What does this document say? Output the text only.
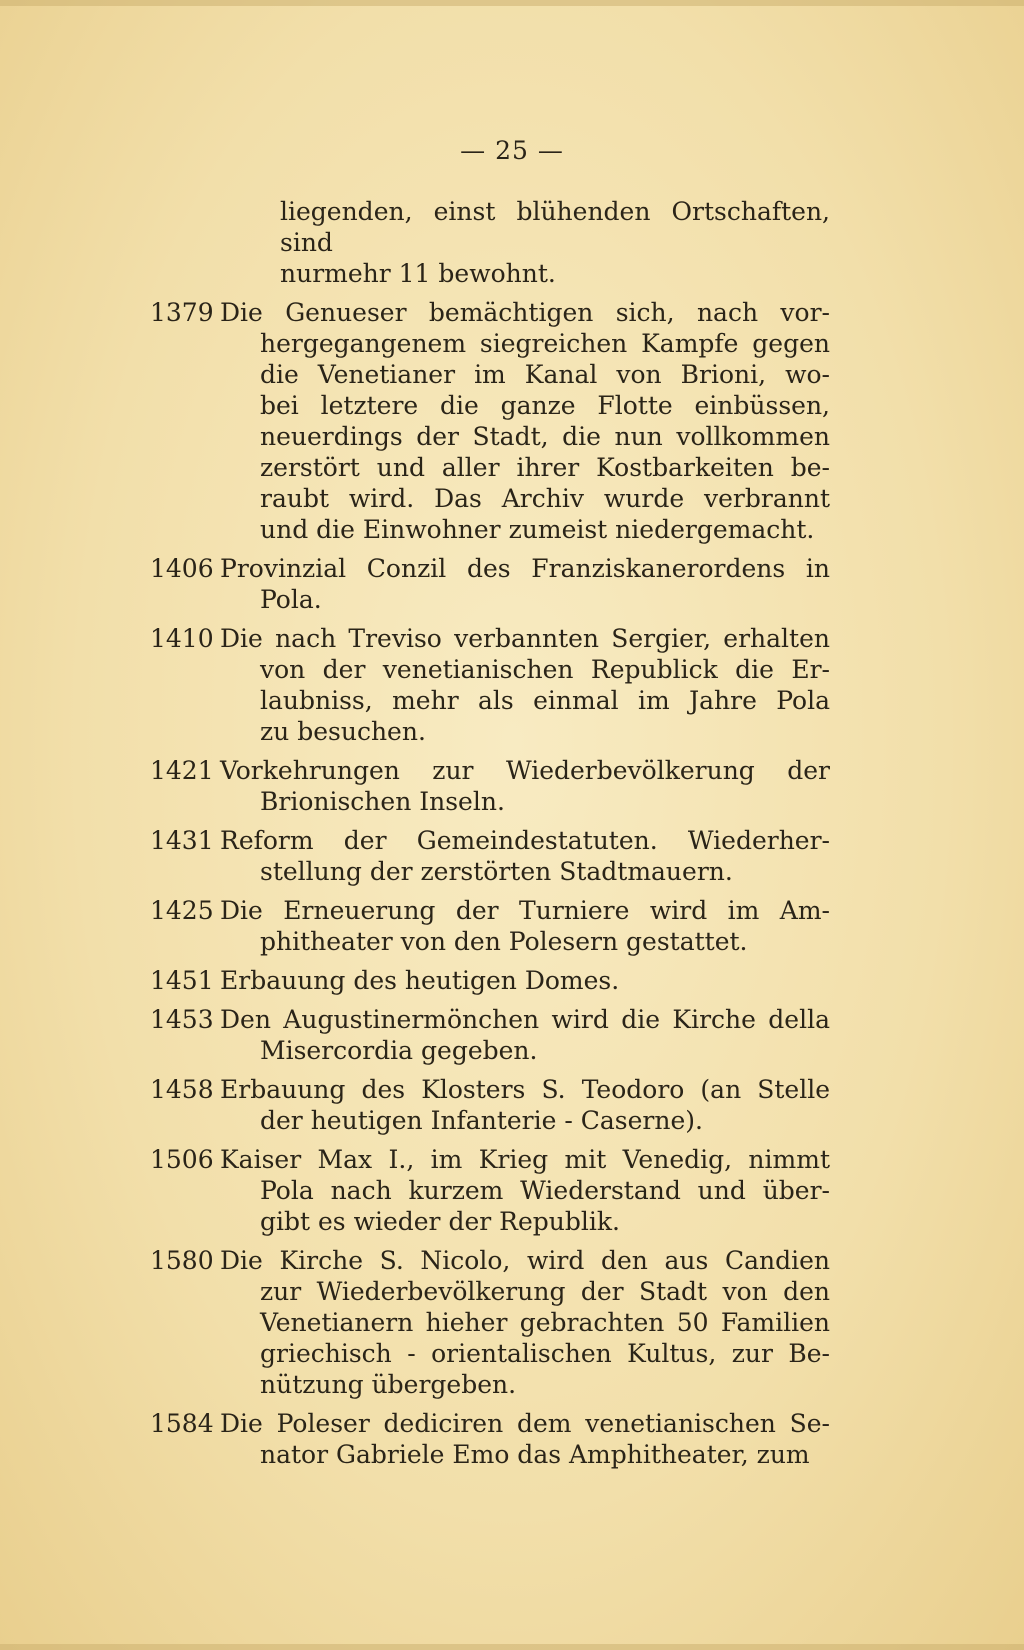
— 25 —
liegenden, einst blühenden Ortschaften, sind
nurmehr 11 bewohnt.
1379 Die Genueser bemächtigen sich, nach vor-
hergegangenem siegreichen Kampfe gegen
die Venetianer im Kanal von Brioni, wo-
bei letztere die ganze Flotte einbüssen,
neuerdings der Stadt, die nun vollkommen
zerstört und aller ihrer Kostbarkeiten be-
raubt wird. Das Archiv wurde verbrannt
und die Einwohner zumeist niedergemacht.
1406 Provinzial Conzil des Franziskanerordens in
Pola.
1410 Die nach Treviso verbannten Sergier, erhalten
von der venetianischen Republick die Er-
laubniss, mehr als einmal im Jahre Pola
zu besuchen.
1421 Vorkehrungen zur Wiederbevölkerung der
Brionischen Inseln.
1431 Reform der Gemeindestatuten. Wiederher-
stellung der zerstörten Stadtmauern.
1425 Die Erneuerung der Turniere wird im Am-
phitheater von den Polesern gestattet.
1451 Erbauung des heutigen Domes.
1453 Den Augustinermönchen wird die Kirche della
Misercordia gegeben.
1458 Erbauung des Klosters S. Teodoro (an Stelle
der heutigen Infanterie - Caserne).
1506 Kaiser Max I., im Krieg mit Venedig, nimmt
Pola nach kurzem Wiederstand und über-
gibt es wieder der Republik.
1580 Die Kirche S. Nicolo, wird den aus Candien
zur Wiederbevölkerung der Stadt von den
Venetianern hieher gebrachten 50 Familien
griechisch - orientalischen Kultus, zur Be-
nützung übergeben.
1584 Die Poleser dediciren dem venetianischen Se-
nator Gabriele Emo das Amphitheater, zum
